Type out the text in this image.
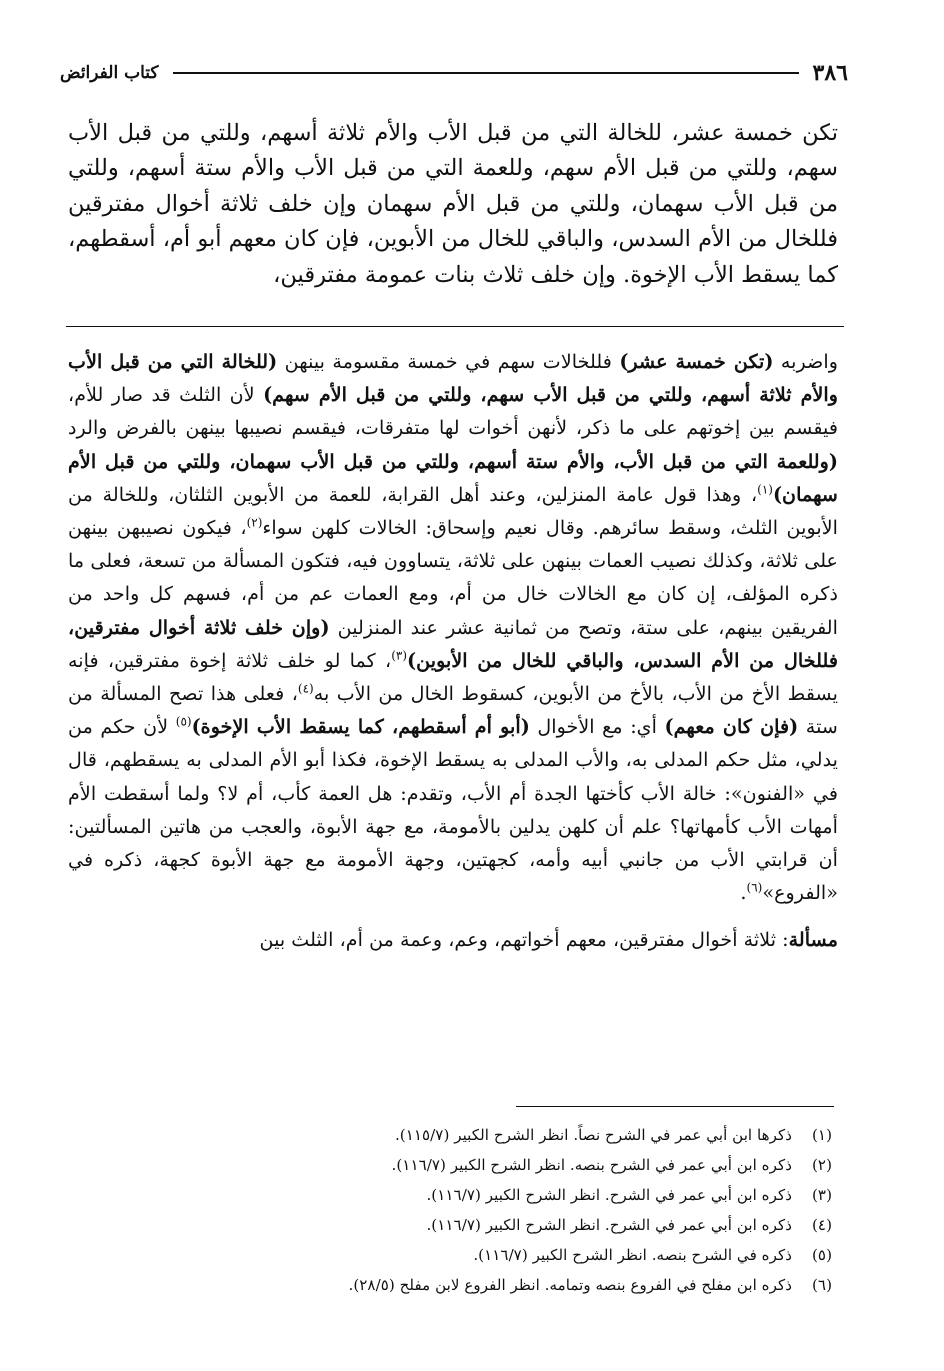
٣٨٦
كتاب الفرائض
تكن خمسة عشر، للخالة التي من قبل الأب والأم ثلاثة أسهم، وللتي من قبل الأب سهم، وللتي من قبل الأم سهم، وللعمة التي من قبل الأب والأم ستة أسهم، وللتي من قبل الأب سهمان، وللتي من قبل الأم سهمان وإن خلف ثلاثة أخوال مفترقين فللخال من الأم السدس، والباقي للخال من الأبوين، فإن كان معهم أبو أم، أسقطهم، كما يسقط الأب الإخوة. وإن خلف ثلاث بنات عمومة مفترقين،

واضربه (تكن خمسة عشر) فللخالات سهم في خمسة مقسومة بينهن (للخالة التي من قبل الأب والأم ثلاثة أسهم، وللتي من قبل الأب سهم، وللتي من قبل الأم سهم) لأن الثلث قد صار للأم، فيقسم بين إخوتهم على ما ذكر، لأنهن أخوات لها متفرقات، فيقسم نصيبها بينهن بالفرض والرد (وللعمة التي من قبل الأب، والأم ستة أسهم، وللتي من قبل الأب سهمان، وللتي من قبل الأم سهمان)$^{(١)}$، وهذا قول عامة المنزلين، وعند أهل القرابة، للعمة من الأبوين الثلثان، وللخالة من الأبوين الثلث، وسقط سائرهم. وقال نعيم وإسحاق: الخالات كلهن سواء$^{(٢)}$، فيكون نصيبهن بينهن على ثلاثة، وكذلك نصيب العمات بينهن على ثلاثة، يتساوون فيه، فتكون المسألة من تسعة، فعلى ما ذكره المؤلف، إن كان مع الخالات خال من أم، ومع العمات عم من أم، فسهم كل واحد من الفريقين بينهم، على ستة، وتصح من ثمانية عشر عند المنزلين (وإن خلف ثلاثة أخوال مفترقين، فللخال من الأم السدس، والباقي للخال من الأبوين)$^{(٣)}$، كما لو خلف ثلاثة إخوة مفترقين، فإنه يسقط الأخ من الأب، بالأخ من الأبوين، كسقوط الخال من الأب به$^{(٤)}$، فعلى هذا تصح المسألة من ستة (فإن كان معهم) أي: مع الأخوال (أبو أم أسقطهم، كما يسقط الأب الإخوة)$^{(٥)}$ لأن حكم من يدلي، مثل حكم المدلى به، والأب المدلى به يسقط الإخوة، فكذا أبو الأم المدلى به يسقطهم، قال في «الفنون»: خالة الأب كأختها الجدة أم الأب، وتقدم: هل العمة كأب، أم لا؟ ولما أسقطت الأم أمهات الأب كأمهاتها؟ علم أن كلهن يدلين بالأمومة، مع جهة الأبوة، والعجب من هاتين المسألتين: أن قرابتي الأب من جانبي أبيه وأمه، كجهتين، وجهة الأمومة مع جهة الأبوة كجهة، ذكره في «الفروع»$^{(٦)}$.

مسألة: ثلاثة أخوال مفترقين، معهم أخواتهم، وعم، وعمة من أم، الثلث بين

(١)
ذكرها ابن أبي عمر في الشرح نصاً. انظر الشرح الكبير (١١٥/٧).
(٢)
ذكره ابن أبي عمر في الشرح بنصه. انظر الشرح الكبير (١١٦/٧).
(٣)
ذكره ابن أبي عمر في الشرح. انظر الشرح الكبير (١١٦/٧).
(٤)
ذكره ابن أبي عمر في الشرح. انظر الشرح الكبير (١١٦/٧).
(٥)
ذكره في الشرح بنصه. انظر الشرح الكبير (١١٦/٧).
(٦)
ذكره ابن مفلح في الفروع بنصه وتمامه. انظر الفروع لابن مفلح (٢٨/٥).
